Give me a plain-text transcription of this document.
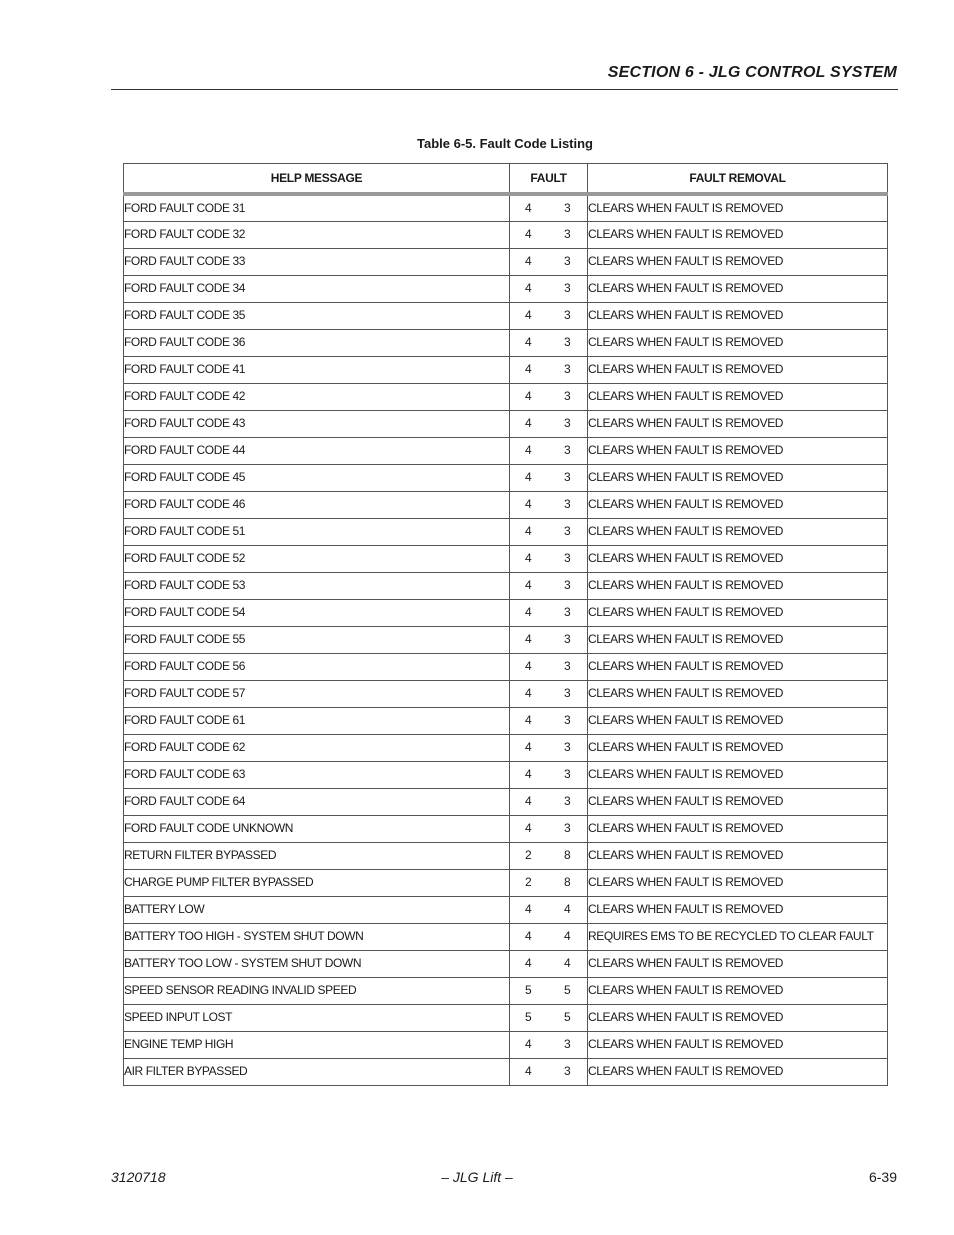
SECTION 6 - JLG CONTROL SYSTEM
Table 6-5. Fault Code Listing
HELP MESSAGE	FAULT	FAULT REMOVAL
FORD FAULT CODE 31	4 3	CLEARS WHEN FAULT IS REMOVED
FORD FAULT CODE 32	4 3	CLEARS WHEN FAULT IS REMOVED
FORD FAULT CODE 33	4 3	CLEARS WHEN FAULT IS REMOVED
FORD FAULT CODE 34	4 3	CLEARS WHEN FAULT IS REMOVED
FORD FAULT CODE 35	4 3	CLEARS WHEN FAULT IS REMOVED
FORD FAULT CODE 36	4 3	CLEARS WHEN FAULT IS REMOVED
FORD FAULT CODE 41	4 3	CLEARS WHEN FAULT IS REMOVED
FORD FAULT CODE 42	4 3	CLEARS WHEN FAULT IS REMOVED
FORD FAULT CODE 43	4 3	CLEARS WHEN FAULT IS REMOVED
FORD FAULT CODE 44	4 3	CLEARS WHEN FAULT IS REMOVED
FORD FAULT CODE 45	4 3	CLEARS WHEN FAULT IS REMOVED
FORD FAULT CODE 46	4 3	CLEARS WHEN FAULT IS REMOVED
FORD FAULT CODE 51	4 3	CLEARS WHEN FAULT IS REMOVED
FORD FAULT CODE 52	4 3	CLEARS WHEN FAULT IS REMOVED
FORD FAULT CODE 53	4 3	CLEARS WHEN FAULT IS REMOVED
FORD FAULT CODE 54	4 3	CLEARS WHEN FAULT IS REMOVED
FORD FAULT CODE 55	4 3	CLEARS WHEN FAULT IS REMOVED
FORD FAULT CODE 56	4 3	CLEARS WHEN FAULT IS REMOVED
FORD FAULT CODE 57	4 3	CLEARS WHEN FAULT IS REMOVED
FORD FAULT CODE 61	4 3	CLEARS WHEN FAULT IS REMOVED
FORD FAULT CODE 62	4 3	CLEARS WHEN FAULT IS REMOVED
FORD FAULT CODE 63	4 3	CLEARS WHEN FAULT IS REMOVED
FORD FAULT CODE 64	4 3	CLEARS WHEN FAULT IS REMOVED
FORD FAULT CODE UNKNOWN	4 3	CLEARS WHEN FAULT IS REMOVED
RETURN FILTER BYPASSED	2 8	CLEARS WHEN FAULT IS REMOVED
CHARGE PUMP FILTER BYPASSED	2 8	CLEARS WHEN FAULT IS REMOVED
BATTERY LOW	4 4	CLEARS WHEN FAULT IS REMOVED
BATTERY TOO HIGH - SYSTEM SHUT DOWN	4 4	REQUIRES EMS TO BE RECYCLED TO CLEAR FAULT
BATTERY TOO LOW - SYSTEM SHUT DOWN	4 4	CLEARS WHEN FAULT IS REMOVED
SPEED SENSOR READING INVALID SPEED	5 5	CLEARS WHEN FAULT IS REMOVED
SPEED INPUT LOST	5 5	CLEARS WHEN FAULT IS REMOVED
ENGINE TEMP HIGH	4 3	CLEARS WHEN FAULT IS REMOVED
AIR FILTER BYPASSED	4 3	CLEARS WHEN FAULT IS REMOVED
3120718	– JLG Lift –	6-39
